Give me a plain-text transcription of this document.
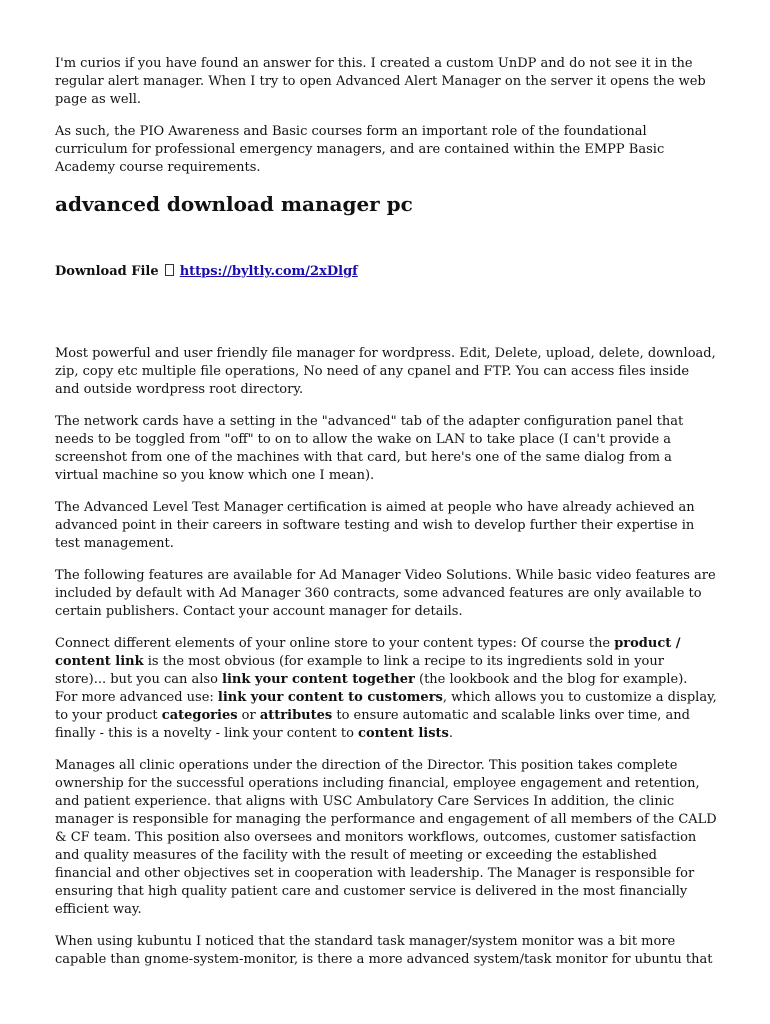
I'm curios if you have found an answer for this. I created a custom UnDP and do not see it in the regular alert manager. When I try to open Advanced Alert Manager on the server it opens the web page as well.

As such, the PIO Awareness and Basic courses form an important role of the foundational curriculum for professional emergency managers, and are contained within the EMPP Basic Academy course requirements.

advanced download manager pc

Download File https://byltly.com/2xDlgf

Most powerful and user friendly file manager for wordpress. Edit, Delete, upload, delete, download, zip, copy etc multiple file operations, No need of any cpanel and FTP. You can access files inside and outside wordpress root directory.

The network cards have a setting in the "advanced" tab of the adapter configuration panel that needs to be toggled from "off" to on to allow the wake on LAN to take place (I can't provide a screenshot from one of the machines with that card, but here's one of the same dialog from a virtual machine so you know which one I mean).

The Advanced Level Test Manager certification is aimed at people who have already achieved an advanced point in their careers in software testing and wish to develop further their expertise in test management.

The following features are available for Ad Manager Video Solutions. While basic video features are included by default with Ad Manager 360 contracts, some advanced features are only available to certain publishers. Contact your account manager for details.

Connect different elements of your online store to your content types: Of course the product / content link is the most obvious (for example to link a recipe to its ingredients sold in your store)... but you can also link your content together (the lookbook and the blog for example).

For more advanced use: link your content to customers, which allows you to customize a display, to your product categories or attributes to ensure automatic and scalable links over time, and finally - this is a novelty - link your content to content lists.

Manages all clinic operations under the direction of the Director. This position takes complete ownership for the successful operations including financial, employee engagement and retention, and patient experience. that aligns with USC Ambulatory Care Services In addition, the clinic manager is responsible for managing the performance and engagement of all members of the CALD & CF team. This position also oversees and monitors workflows, outcomes, customer satisfaction and quality measures of the facility with the result of meeting or exceeding the established financial and other objectives set in cooperation with leadership. The Manager is responsible for ensuring that high quality patient care and customer service is delivered in the most financially efficient way.

When using kubuntu I noticed that the standard task manager/system monitor was a bit more capable than gnome-system-monitor, is there a more advanced system/task monitor for ubuntu that
